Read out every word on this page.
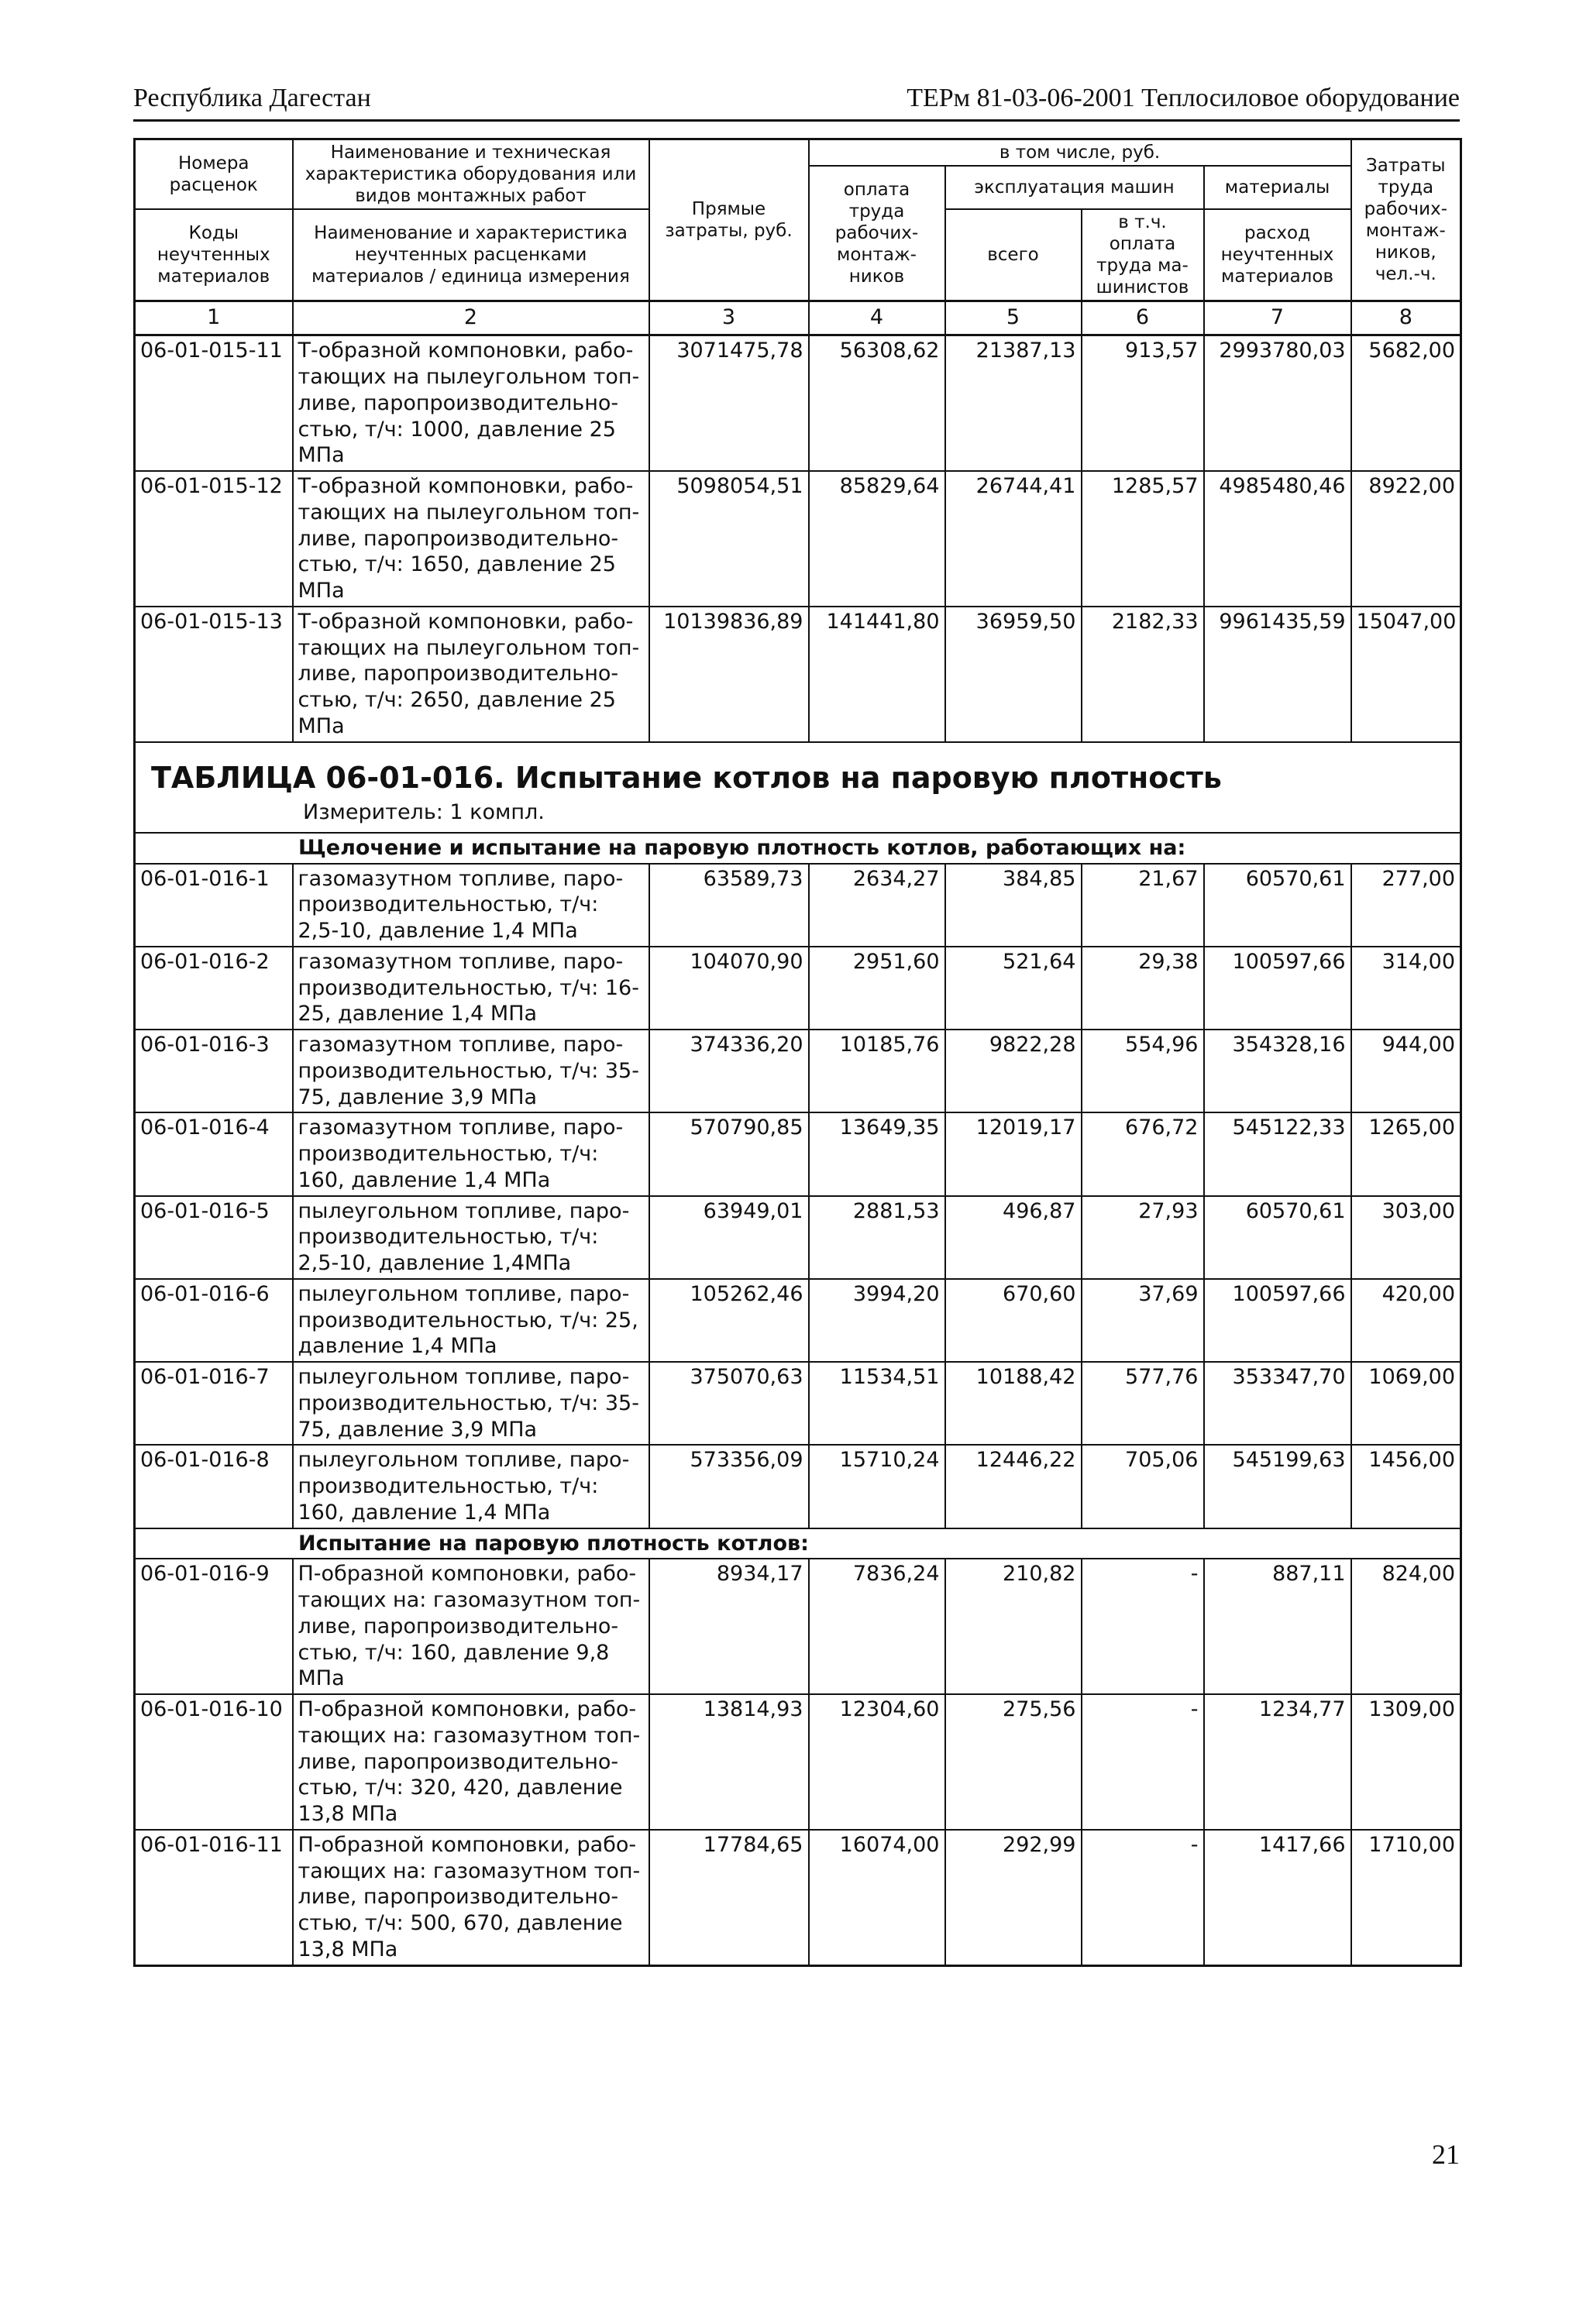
Республика Дагестан	ТЕРм 81-03-06-2001 Теплосиловое оборудование
Номера расценок	Наименование и техническая характеристика оборудования или видов монтажных работ	Прямые затраты, руб.	в том числе, руб.				Затраты труда рабочих-монтаж-ников, чел.-ч.
			оплата труда рабочих-монтаж-ников	эксплуатация машин		материалы	
Коды неучтенных материалов	Наименование и характеристика неучтенных расценками материалов / единица измерения			всего	в т.ч. оплата труда ма-шинистов	расход неучтенных материалов	

1	2	3	4	5	6	7	8
06-01-015-11	Т-образной компоновки, рабо-тающих на пылеугольном топ-ливе, паропроизводительно-стью, т/ч: 1000, давление 25 МПа	3071475,78	56308,62	21387,13	913,57	2993780,03	5682,00
06-01-015-12	Т-образной компоновки, рабо-тающих на пылеугольном топ-ливе, паропроизводительно-стью, т/ч: 1650, давление 25 МПа	5098054,51	85829,64	26744,41	1285,57	4985480,46	8922,00
06-01-015-13	Т-образной компоновки, рабо-тающих на пылеугольном топ-ливе, паропроизводительно-стью, т/ч: 2650, давление 25 МПа	10139836,89	141441,80	36959,50	2182,33	9961435,59	15047,00

ТАБЛИЦА 06-01-016. Испытание котлов на паровую плотность
Измеритель: 1 компл.							

Щелочение и испытание на паровую плотность котлов, работающих на:							
06-01-016-1	газомазутном топливе, паро-производительностью, т/ч: 2,5-10, давление 1,4 МПа	63589,73	2634,27	384,85	21,67	60570,61	277,00
06-01-016-2	газомазутном топливе, паро-производительностью, т/ч: 16-25, давление 1,4 МПа	104070,90	2951,60	521,64	29,38	100597,66	314,00
06-01-016-3	газомазутном топливе, паро-производительностью, т/ч: 35-75, давление 3,9 МПа	374336,20	10185,76	9822,28	554,96	354328,16	944,00
06-01-016-4	газомазутном топливе, паро-производительностью, т/ч: 160, давление 1,4 МПа	570790,85	13649,35	12019,17	676,72	545122,33	1265,00
06-01-016-5	пылеугольном топливе, паро-производительностью, т/ч: 2,5-10, давление 1,4МПа	63949,01	2881,53	496,87	27,93	60570,61	303,00
06-01-016-6	пылеугольном топливе, паро-производительностью, т/ч: 25, давление 1,4 МПа	105262,46	3994,20	670,60	37,69	100597,66	420,00
06-01-016-7	пылеугольном топливе, паро-производительностью, т/ч: 35-75, давление 3,9 МПа	375070,63	11534,51	10188,42	577,76	353347,70	1069,00
06-01-016-8	пылеугольном топливе, паро-производительностью, т/ч: 160, давление 1,4 МПа	573356,09	15710,24	12446,22	705,06	545199,63	1456,00
Испытание на паровую плотность котлов:							
06-01-016-9	П-образной компоновки, рабо-тающих на: газомазутном топ-ливе, паропроизводительно-стью, т/ч: 160, давление 9,8 МПа	8934,17	7836,24	210,82	-	887,11	824,00
06-01-016-10	П-образной компоновки, рабо-тающих на: газомазутном топ-ливе, паропроизводительно-стью, т/ч: 320, 420, давление 13,8 МПа	13814,93	12304,60	275,56	-	1234,77	1309,00
06-01-016-11	П-образной компоновки, рабо-тающих на: газомазутном топ-ливе, паропроизводительно-стью, т/ч: 500, 670, давление 13,8 МПа	17784,65	16074,00	292,99	-	1417,66	1710,00
21
